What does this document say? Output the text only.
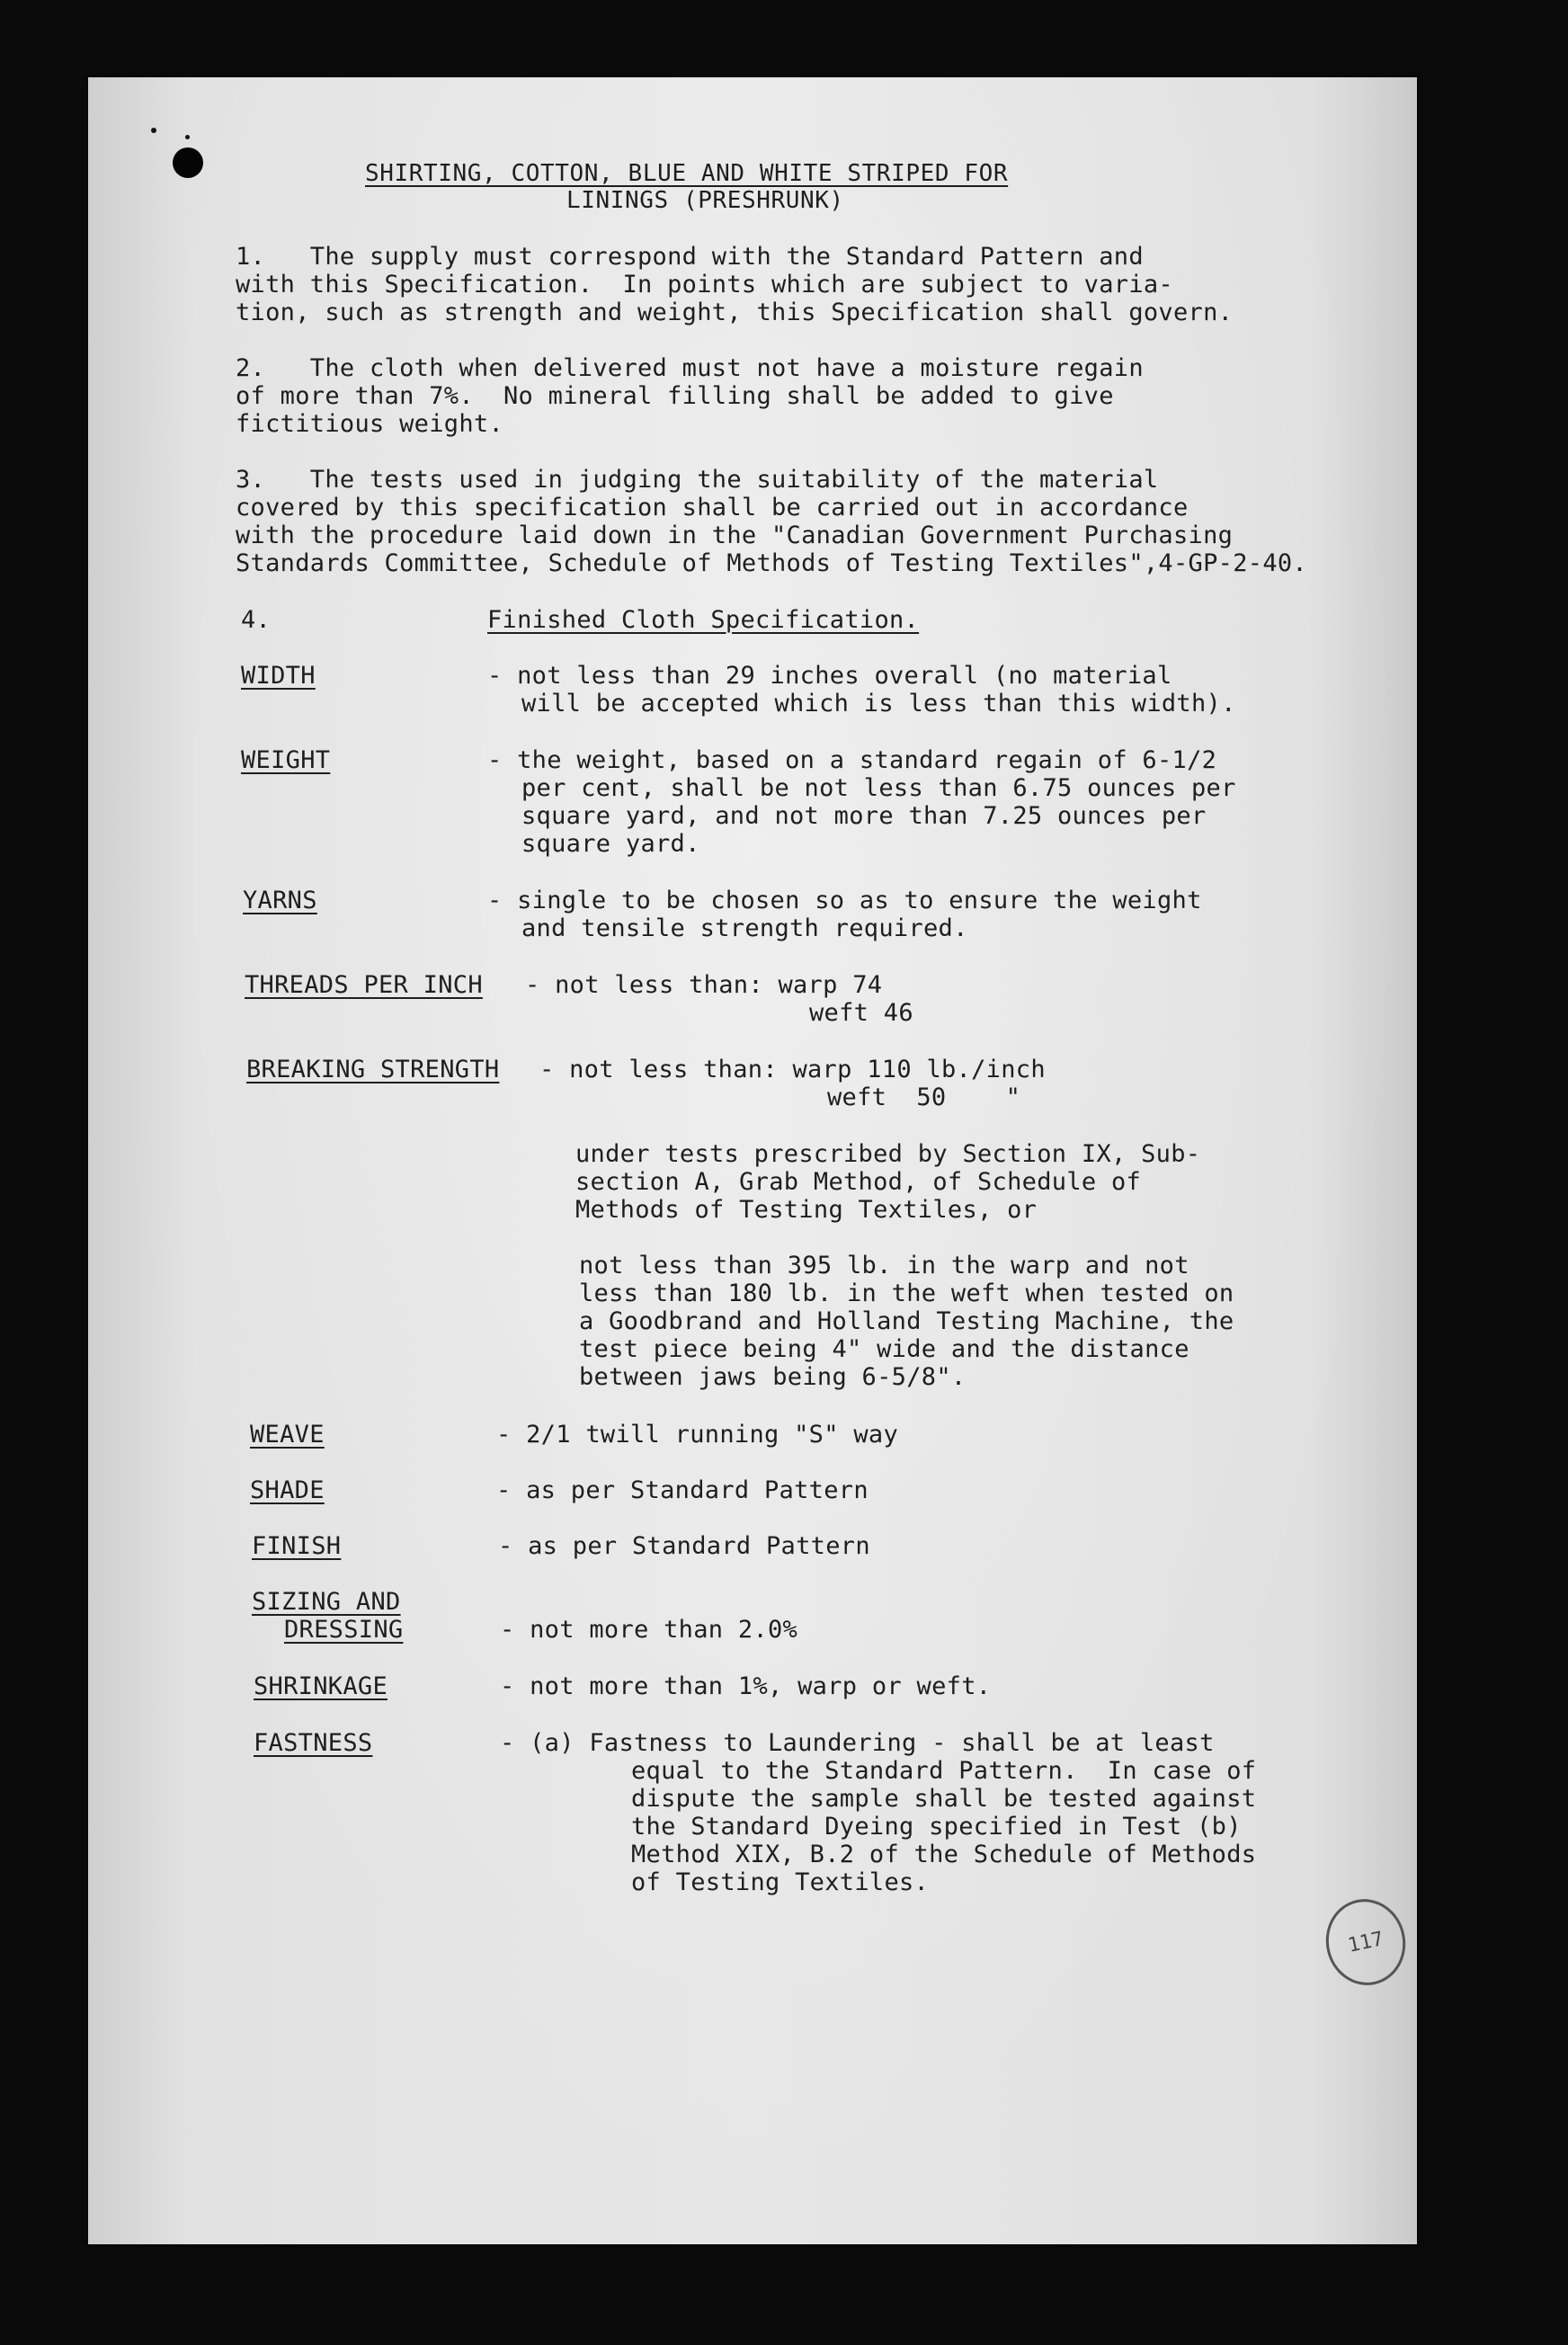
SHIRTING, COTTON, BLUE AND WHITE STRIPED FOR

LININGS (PRESHRUNK)

1.   The supply must correspond with the Standard Pattern and

with this Specification.  In points which are subject to varia-

tion, such as strength and weight, this Specification shall govern.

2.   The cloth when delivered must not have a moisture regain

of more than 7%.  No mineral filling shall be added to give

fictitious weight.

3.   The tests used in judging the suitability of the material

covered by this specification shall be carried out in accordance

with the procedure laid down in the "Canadian Government Purchasing

Standards Committee, Schedule of Methods of Testing Textiles",4-GP-2-40.

4.	Finished Cloth Specification.

WIDTH	- not less than 29 inches overall (no material

will be accepted which is less than this width).

WEIGHT	- the weight, based on a standard regain of 6-1/2

per cent, shall be not less than 6.75 ounces per

square yard, and not more than 7.25 ounces per

square yard.

YARNS	- single to be chosen so as to ensure the weight

and tensile strength required.

THREADS PER INCH - not less than: warp 74

weft 46

BREAKING STRENGTH - not less than: warp 110 lb./inch

weft  50    "

under tests prescribed by Section IX, Sub-

section A, Grab Method, of Schedule of

Methods of Testing Textiles, or

not less than 395 lb. in the warp and not

less than 180 lb. in the weft when tested on

a Goodbrand and Holland Testing Machine, the

test piece being 4" wide and the distance

between jaws being 6-5/8".

WEAVE	- 2/1 twill running "S" way

SHADE	- as per Standard Pattern

FINISH	- as per Standard Pattern

SIZING AND

DRESSING	- not more than 2.0%

SHRINKAGE	- not more than 1%, warp or weft.

FASTNESS	- (a) Fastness to Laundering - shall be at least

equal to the Standard Pattern.  In case of

dispute the sample shall be tested against

the Standard Dyeing specified in Test (b)

Method XIX, B.2 of the Schedule of Methods

of Testing Textiles.

117
